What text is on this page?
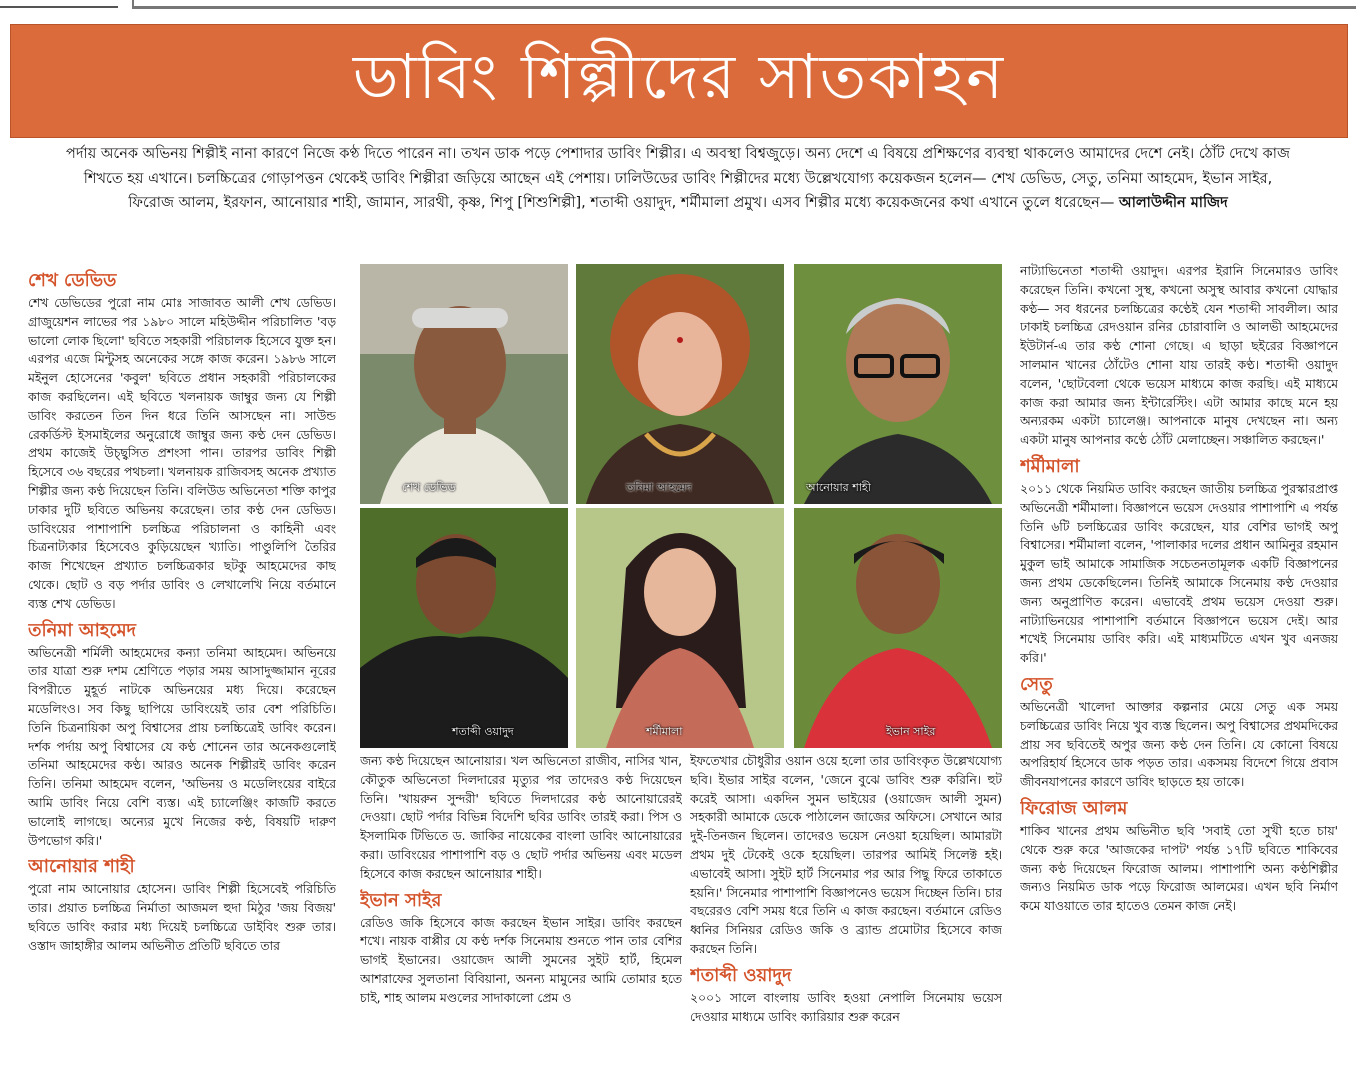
ডাবিং শিল্পীদের সাতকাহন
পর্দায় অনেক অভিনয় শিল্পীই নানা কারণে নিজে কণ্ঠ দিতে পারেন না। তখন ডাক পড়ে পেশাদার ডাবিং শিল্পীর। এ অবস্থা বিশ্বজুড়ে। অন্য দেশে এ বিষয়ে প্রশিক্ষণের ব্যবস্থা থাকলেও আমাদের দেশে নেই। ঠোঁট দেখে কাজ শিখতে হয় এখানে। চলচ্চিত্রের গোড়াপত্তন থেকেই ডাবিং শিল্পীরা জড়িয়ে আছেন এই পেশায়। ঢালিউডের ডাবিং শিল্পীদের মধ্যে উল্লেখযোগ্য কয়েকজন হলেন— শেখ ডেভিড, সেতু, তনিমা আহমেদ, ইভান সাইর, ফিরোজ আলম, ইরফান, আনোয়ার শাহী, জামান, সারথী, কৃষ্ণ, শিপু [শিশুশিল্পী], শতাব্দী ওয়াদুদ, শর্মীমালা প্রমুখ। এসব শিল্পীর মধ্যে কয়েকজনের কথা এখানে তুলে ধরেছেন— আলাউদ্দীন মাজিদ
শেখ ডেভিড

শেখ ডেভিডের পুরো নাম মোঃ সাজাবত আলী শেখ ডেভিড। গ্রাজুয়েশন লাভের পর ১৯৮০ সালে মহিউদ্দীন পরিচালিত 'বড় ভালো লোক ছিলো' ছবিতে সহকারী পরিচালক হিসেবে যুক্ত হন। এরপর এজে মিন্টুসহ অনেকের সঙ্গে কাজ করেন। ১৯৮৬ সালে মইনুল হোসেনের 'কবুল' ছবিতে প্রধান সহকারী পরিচালকের কাজ করছিলেন। এই ছবিতে খলনায়ক জাম্বুর জন্য যে শিল্পী ডাবিং করতেন তিন দিন ধরে তিনি আসছেন না। সাউন্ড রেকর্ডিস্ট ইসমাইলের অনুরোধে জাম্বুর জন্য কণ্ঠ দেন ডেভিড। প্রথম কাজেই উচ্ছ্বসিত প্রশংসা পান। তারপর ডাবিং শিল্পী হিসেবে ৩৬ বছরের পথচলা। খলনায়ক রাজিবসহ অনেক প্রখ্যাত শিল্পীর জন্য কণ্ঠ দিয়েছেন তিনি। বলিউড অভিনেতা শক্তি কাপুর ঢাকার দুটি ছবিতে অভিনয় করেছেন। তার কণ্ঠ দেন ডেভিড। ডাবিংয়ের পাশাপাশি চলচ্চিত্র পরিচালনা ও কাহিনী এবং চিত্রনাট্যকার হিসেবেও কুড়িয়েছেন খ্যাতি। পাণ্ডুলিপি তৈরির কাজ শিখেছেন প্রখ্যাত চলচ্চিত্রকার ছটকু আহমেদের কাছ থেকে। ছোট ও বড় পর্দার ডাবিং ও লেখালেখি নিয়ে বর্তমানে ব্যস্ত শেখ ডেভিড।

তনিমা আহমেদ

অভিনেত্রী শর্মিলী আহমেদের কন্যা তনিমা আহমেদ। অভিনয়ে তার যাত্রা শুরু দশম শ্রেণিতে পড়ার সময় আসাদুজ্জামান নূরের বিপরীতে মুহূর্ত নাটকে অভিনয়ের মধ্য দিয়ে। করেছেন মডেলিংও। সব কিছু ছাপিয়ে ডাবিংয়েই তার বেশ পরিচিতি। তিনি চিত্রনায়িকা অপু বিশ্বাসের প্রায় চলচ্চিত্রেই ডাবিং করেন। দর্শক পর্দায় অপু বিশ্বাসের যে কণ্ঠ শোনেন তার অনেকগুলোই তনিমা আহমেদের কণ্ঠ। আরও অনেক শিল্পীরই ডাবিং করেন তিনি। তনিমা আহমেদ বলেন, 'অভিনয় ও মডেলিংয়ের বাইরে আমি ডাবিং নিয়ে বেশি ব্যস্ত। এই চ্যালেঞ্জিং কাজটি করতে ভালোই লাগছে। অন্যের মুখে নিজের কণ্ঠ, বিষয়টি দারুণ উপভোগ করি।'

আনোয়ার শাহী

পুরো নাম আনোয়ার হোসেন। ডাবিং শিল্পী হিসেবেই পরিচিতি তার। প্রয়াত চলচ্চিত্র নির্মাতা আজমল হুদা মিঠুর 'জয় বিজয়' ছবিতে ডাবিং করার মধ্য দিয়েই চলচ্চিত্রে ডাইবিং শুরু তার। ওস্তাদ জাহাঙ্গীর আলম অভিনীত প্রতিটি ছবিতে তার

শেখ ডেভিড	তনিমা আহমেদ	আনোয়ার শাহী
শতাব্দী ওয়াদুদ	শর্মীমালা	ইভান সাইর

জন্য কণ্ঠ দিয়েছেন আনোয়ার। খল অভিনেতা রাজীব, নাসির খান, কৌতুক অভিনেতা দিলদারের মৃত্যুর পর তাদেরও কণ্ঠ দিয়েছেন তিনি। 'খায়রুন সুন্দরী' ছবিতে দিলদারের কণ্ঠ আনোয়ারেরই দেওয়া। ছোট পর্দার বিভিন্ন বিদেশি ছবির ডাবিং তারই করা। পিস ও ইসলামিক টিভিতে ড. জাকির নায়েকের বাংলা ডাবিং আনোয়ারের করা। ডাবিংয়ের পাশাপাশি বড় ও ছোট পর্দার অভিনয় এবং মডেল হিসেবে কাজ করছেন আনোয়ার শাহী।

ইভান সাইর

রেডিও জকি হিসেবে কাজ করছেন ইভান সাইর। ডাবিং করছেন শখে। নায়ক বাপ্পীর যে কণ্ঠ দর্শক সিনেমায় শুনতে পান তার বেশির ভাগই ইভানের। ওয়াজেদ আলী সুমনের সুইট হার্ট, হিমেল আশরাফের সুলতানা বিবিয়ানা, অনন্য মামুনের আমি তোমার হতে চাই, শাহ আলম মণ্ডলের সাদাকালো প্রেম ও

ইফতেখার চৌধুরীর ওয়ান ওয়ে হলো তার ডাবিংকৃত উল্লেখযোগ্য ছবি। ইভার সাইর বলেন, 'জেনে বুঝে ডাবিং শুরু করিনি। হুট করেই আসা। একদিন সুমন ভাইয়ের (ওয়াজেদ আলী সুমন) সহকারী আমাকে ডেকে পাঠালেন জাজের অফিসে। সেখানে আর দুই-তিনজন ছিলেন। তাদেরও ভয়েস নেওয়া হয়েছিল। আমারটা প্রথম দুই টেকেই ওকে হয়েছিল। তারপর আমিই সিলেক্ট হই। এভাবেই আসা। সুইট হার্ট সিনেমার পর আর পিছু ফিরে তাকাতে হয়নি।' সিনেমার পাশাপাশি বিজ্ঞাপনেও ভয়েস দিচ্ছেন তিনি। চার বছরেরও বেশি সময় ধরে তিনি এ কাজ করছেন। বর্তমানে রেডিও ধ্বনির সিনিয়র রেডিও জকি ও ব্র্যান্ড প্রমোটার হিসেবে কাজ করছেন তিনি।

শতাব্দী ওয়াদুদ

২০০১ সালে বাংলায় ডাবিং হওয়া নেপালি সিনেমায় ভয়েস দেওয়ার মাধ্যমে ডাবিং ক্যারিয়ার শুরু করেন

নাট্যাভিনেতা শতাব্দী ওয়াদুদ। এরপর ইরানি সিনেমারও ডাবিং করেছেন তিনি। কখনো সুস্থ, কখনো অসুস্থ আবার কখনো যোদ্ধার কণ্ঠ— সব ধরনের চলচ্চিত্রের কণ্ঠেই যেন শতাব্দী সাবলীল। আর ঢাকাই চলচ্চিত্র রেদওয়ান রনির চোরাবালি ও আলভী আহমেদের ইউটার্ন-এ তার কণ্ঠ শোনা গেছে। এ ছাড়া ছইরের বিজ্ঞাপনে সালমান খানের ঠোঁটেও শোনা যায় তারই কণ্ঠ। শতাব্দী ওয়াদুদ বলেন, 'ছোটবেলা থেকে ভয়েস মাধ্যমে কাজ করছি। এই মাধ্যমে কাজ করা আমার জন্য ইন্টারেস্টিং। এটা আমার কাছে মনে হয় অন্যরকম একটা চ্যালেঞ্জ। আপনাকে মানুষ দেখছেন না। অন্য একটা মানুষ আপনার কণ্ঠে ঠোঁট মেলাচ্ছেন। সঞ্চালিত করছেন।'

শর্মীমালা

২০১১ থেকে নিয়মিত ডাবিং করছেন জাতীয় চলচ্চিত্র পুরস্কারপ্রাপ্ত অভিনেত্রী শর্মীমালা। বিজ্ঞাপনে ভয়েস দেওয়ার পাশাপাশি এ পর্যন্ত তিনি ৬টি চলচ্চিত্রের ডাবিং করেছেন, যার বেশির ভাগই অপু বিশ্বাসের। শর্মীমালা বলেন, 'পালাকার দলের প্রধান আমিনুর রহমান মুকুল ভাই আমাকে সামাজিক সচেতনতামূলক একটি বিজ্ঞাপনের জন্য প্রথম ডেকেছিলেন। তিনিই আমাকে সিনেমায় কণ্ঠ দেওয়ার জন্য অনুপ্রাণিত করেন। এভাবেই প্রথম ভয়েস দেওয়া শুরু। নাট্যাভিনয়ের পাশাপাশি বর্তমানে বিজ্ঞাপনে ভয়েস দেই। আর শখেই সিনেমায় ডাবিং করি। এই মাধ্যমটিতে এখন খুব এনজয় করি।'

সেতু

অভিনেত্রী খালেদা আক্তার কল্পনার মেয়ে সেতু এক সময় চলচ্চিত্রের ডাবিং নিয়ে খুব ব্যস্ত ছিলেন। অপু বিশ্বাসের প্রথমদিকের প্রায় সব ছবিতেই অপুর জন্য কণ্ঠ দেন তিনি। যে কোনো বিষয়ে অপরিহার্য হিসেবে ডাক পড়ত তার। একসময় বিদেশে গিয়ে প্রবাস জীবনযাপনের কারণে ডাবিং ছাড়তে হয় তাকে।

ফিরোজ আলম

শাকিব খানের প্রথম অভিনীত ছবি 'সবাই তো সুখী হতে চায়' থেকে শুরু করে 'আজকের দাপট' পর্যন্ত ১৭টি ছবিতে শাকিবের জন্য কণ্ঠ দিয়েছেন ফিরোজ আলম। পাশাপাশি অন্য কণ্ঠশিল্পীর জন্যও নিয়মিত ডাক পড়ে ফিরোজ আলমের। এখন ছবি নির্মাণ কমে যাওয়াতে তার হাতেও তেমন কাজ নেই।
